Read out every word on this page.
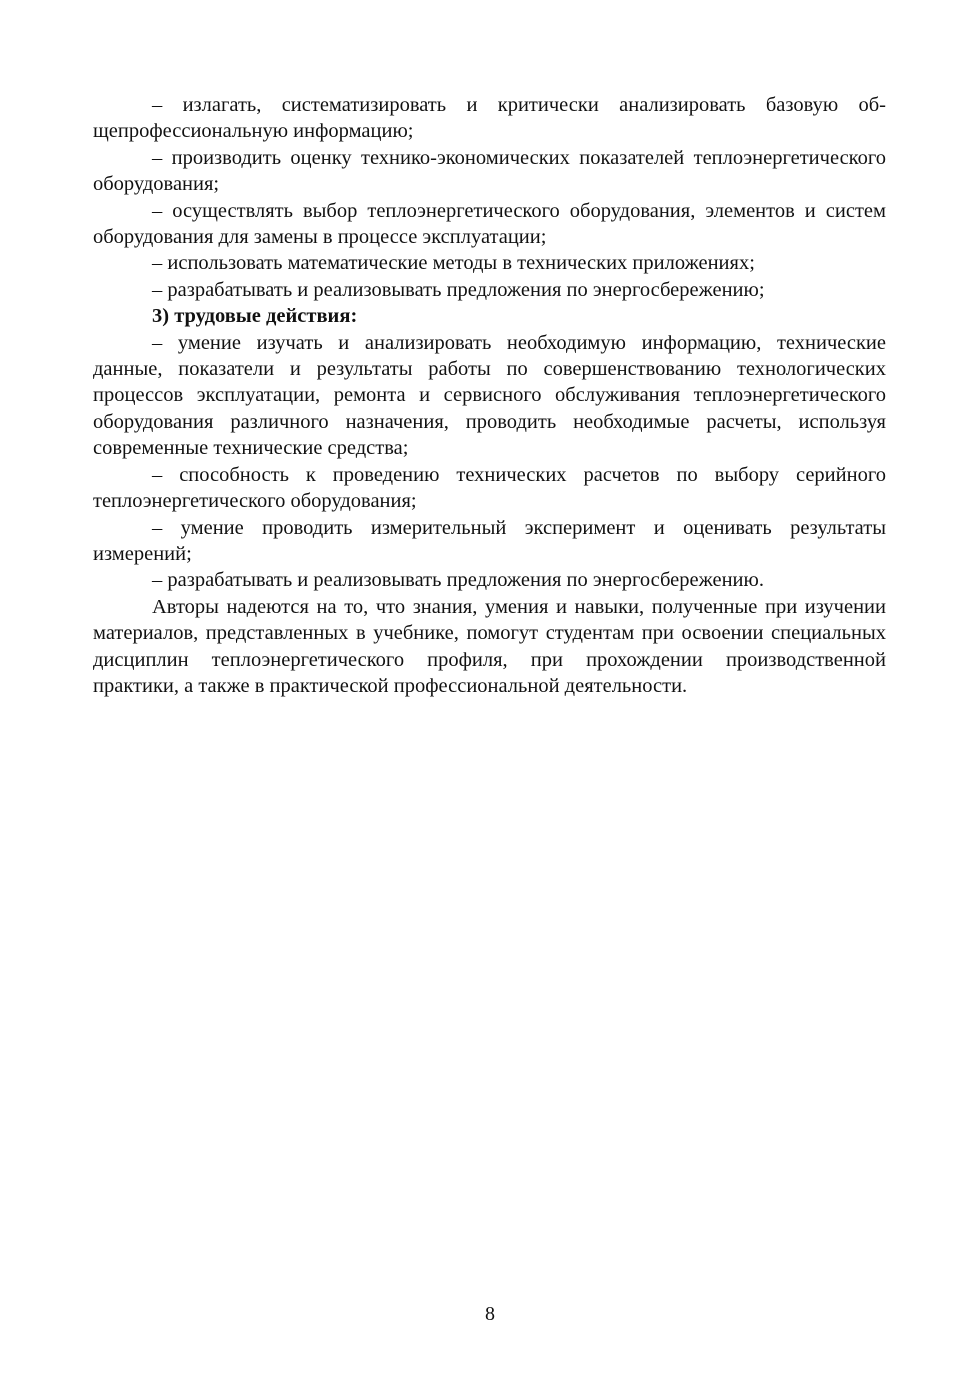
– излагать, систематизировать и критически анализировать базовую общепрофессиональную информацию;

– производить оценку технико-экономических показателей теплоэнергетического оборудования;

– осуществлять выбор теплоэнергетического оборудования, элементов и систем оборудования для замены в процессе эксплуатации;

– использовать математические методы в технических приложениях;

– разрабатывать и реализовывать предложения по энергосбережению;

3) трудовые действия:

– умение изучать и анализировать необходимую информацию, технические данные, показатели и результаты работы по совершенствованию технологических процессов эксплуатации, ремонта и сервисного обслуживания теплоэнергетического оборудования различного назначения, проводить необходимые расчеты, используя современные технические средства;

– способность к проведению технических расчетов по выбору серийного теплоэнергетического оборудования;

– умение проводить измерительный эксперимент и оценивать результаты измерений;

– разрабатывать и реализовывать предложения по энергосбережению.

Авторы надеются на то, что знания, умения и навыки, полученные при изучении материалов, представленных в учебнике, помогут студентам при освоении специальных дисциплин теплоэнергетического профиля, при прохождении производственной практики, а также в практической профессиональной деятельности.

8
